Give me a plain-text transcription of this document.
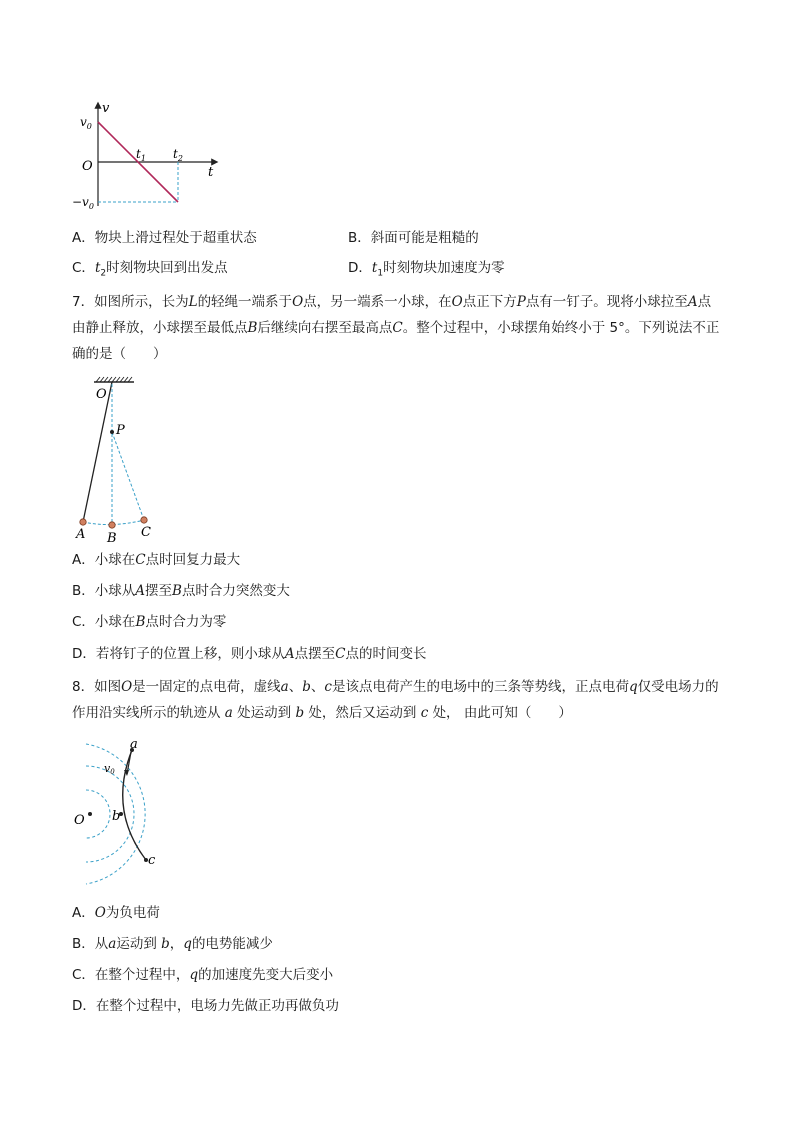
v
t
O
$v_0$
$-v_0$
$t_1$ $t_2$
A．物块上滑过程处于超重状态	B．斜面可能是粗糙的
C．$t_2$时刻物块回到出发点	D．$t_1$时刻物块加速度为零
7．如图所示，长为L的轻绳一端系于O点，另一端系一小球，在O点正下方P点有一钉子。现将小球拉至A点由静止释放，小球摆至最低点B后继续向右摆至最高点C。整个过程中，小球摆角始终小于 5°。下列说法不正确的是（　　）
O
P
A B C
A．小球在C点时回复力最大
B．小球从A摆至B点时合力突然变大
C．小球在B点时合力为零
D．若将钉子的位置上移，则小球从A点摆至C点的时间变长
8．如图O是一固定的点电荷，虚线a、b、c是该点电荷产生的电场中的三条等势线，正点电荷q仅受电场力的作用沿实线所示的轨迹从 a 处运动到 b 处，然后又运动到 c 处， 由此可知（　　）
O
a
b
c
v0
A．O为负电荷
B．从a运动到 b，q的电势能减少
C．在整个过程中，q的加速度先变大后变小
D．在整个过程中，电场力先做正功再做负功
